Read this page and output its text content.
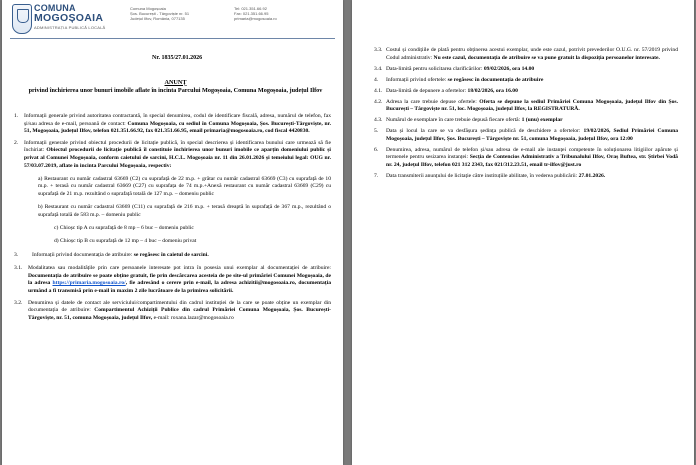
COMUNA
MOGOȘOAIA
ADMINISTRAȚIA PUBLICĂ LOCALĂ
Comuna Mogoșoaia
Șos. București - Târgoviște nr. 51
Județul Ilfov, România, 077135
Tel: 021.351.66.92
Fax: 021.351.66.95
primaria@mogosoaia.ro
Nr. 1835/27.01.2026
ANUNȚ
privind închirierea unor bunuri imobile aflate în incinta Parcului Mogoșoaia, Comuna Mogoșoaia, județul Ilfov

1. Informații generale privind autoritatea contractantă, în special denumirea, codul de identificare fiscală, adresa, numărul de telefon, fax și/sau adresa de e-mail, persoană de contact: Comuna Mogoșoaia, cu sediul în Comuna Mogoșoaia, Șos. București-Târgoviște, nr. 51, Mogoșoaia, județul Ilfov, telefon 021.351.66.92, fax 021.351.66.95, email primaria@mogosoaia.ro, cod fiscal 4420830.

2. Informații generale privind obiectul procedurii de licitație publică, în special descrierea și identificarea bunului care urmează să fie închiriat: Obiectul procedurii de licitație publică îl constituie închirierea unor bunuri imobile ce aparțin domeniului public și privat al Comunei Mogoșoaia, conform caietului de sarcini, H.C.L. Mogoșoaia nr. 11 din 26.01.2026 și temeiului legal: OUG nr. 57/03.07.2019, aflate în incinta Parcului Mogoșoaia, respectiv:

a) Restaurant cu număr cadastral 63669 (C2) cu suprafață de 22 m.p. + grătar cu număr cadastral 63669 (C3) cu suprafață de 10 m.p. + terasă cu număr cadastral 63669 (C27) cu suprafața de 74 m.p.+Anexă restaurant cu număr cadastral 63669 (C29) cu suprafață de 21 m.p. rezultând o suprafață totală de 127 m.p. – domeniu public

b) Restaurant cu număr cadastral 63669 (C11) cu suprafață de 216 m.p. + terasă dreaptă în suprafață de 367 m.p., rezultând o suprafață totală de 583 m.p. – domeniu public

c) Chioșc tip A cu suprafață de 8 mp – 6 buc – domeniu public

d) Chioșc tip B cu suprafață de 12 mp – 4 buc – domeniu privat

3. Informații privind documentația de atribuire: se regăsesc în caietul de sarcini.

3.1. Modalitatea sau modalitățile prin care persoanele interesate pot intra în posesia unui exemplar al documentației de atribuire: Documentația de atribuire se poate obține gratuit, fie prin descărcarea acesteia de pe site-ul primăriei Comunei Mogoșoaia, de la adresa https://primaria.mogosoaia.ro/, fie adresând o cerere prin e-mail, la adresa achizitii@mogosoaia.ro, documentația urmând a fi transmisă prin e-mail în maxim 2 zile lucrătoare de la primirea solicitării.

3.2. Denumirea și datele de contact ale serviciului/compartimentului din cadrul instituției de la care se poate obține un exemplar din documentația de atribuire: Compartimentul Achiziții Publice din cadrul Primăriei Comuna Mogoșoaia, Șos. București-Târgoviște, nr. 51, comuna Mogoșoaia, județul Ilfov, e-mail: roxana.lazar@mogosoaia.ro

3.3. Costul și condițiile de plată pentru obținerea acestui exemplar, unde este cazul, potrivit prevederilor O.U.G. nr. 57/2019 privind Codul administrativ: Nu este cazul, documentația de atribuire se va pune gratuit la dispoziția persoanelor interesate.

3.4. Data-limită pentru solicitarea clarificărilor: 09/02/2026, ora 14.00

4. Informații privind ofertele: se regăsesc în documentația de atribuire

4.1. Data-limită de depunere a ofertelor: 18/02/2026, ora 16.00

4.2. Adresa la care trebuie depuse ofertele: Oferta se depune la sediul Primăriei Comuna Mogoșoaia, județul Ilfov din Șos. București – Târgoviște nr. 51, loc. Mogoșoaia, județul Ilfov, la REGISTRATURĂ.

4.3. Numărul de exemplare în care trebuie depusă fiecare ofertă: 1 (unu) exemplar

5. Data și locul la care se va desfășura ședința publică de deschidere a ofertelor: 19/02/2026, Sediul Primăriei Comuna Mogoșoaia, județul Ilfov, Șos. București – Târgoviște nr. 51, comuna Mogoșoaia, județul Ilfov, ora 12:00

6. Denumirea, adresa, numărul de telefon și/sau adresa de e-mail ale instanței competente în soluționarea litigiilor apărute și termenele pentru sesizarea instanței: Secția de Contencios Administrativ a Tribunalului Ilfov, Oraș Buftea, str. Știrbei Vodă nr. 24, județul Ilfov, telefon 021 312 2343, fax 021/312.23.51, email tr-ilfov@just.ro

7. Data transmiterii anunțului de licitație către instituțiile abilitate, în vederea publicării: 27.01.2026.
